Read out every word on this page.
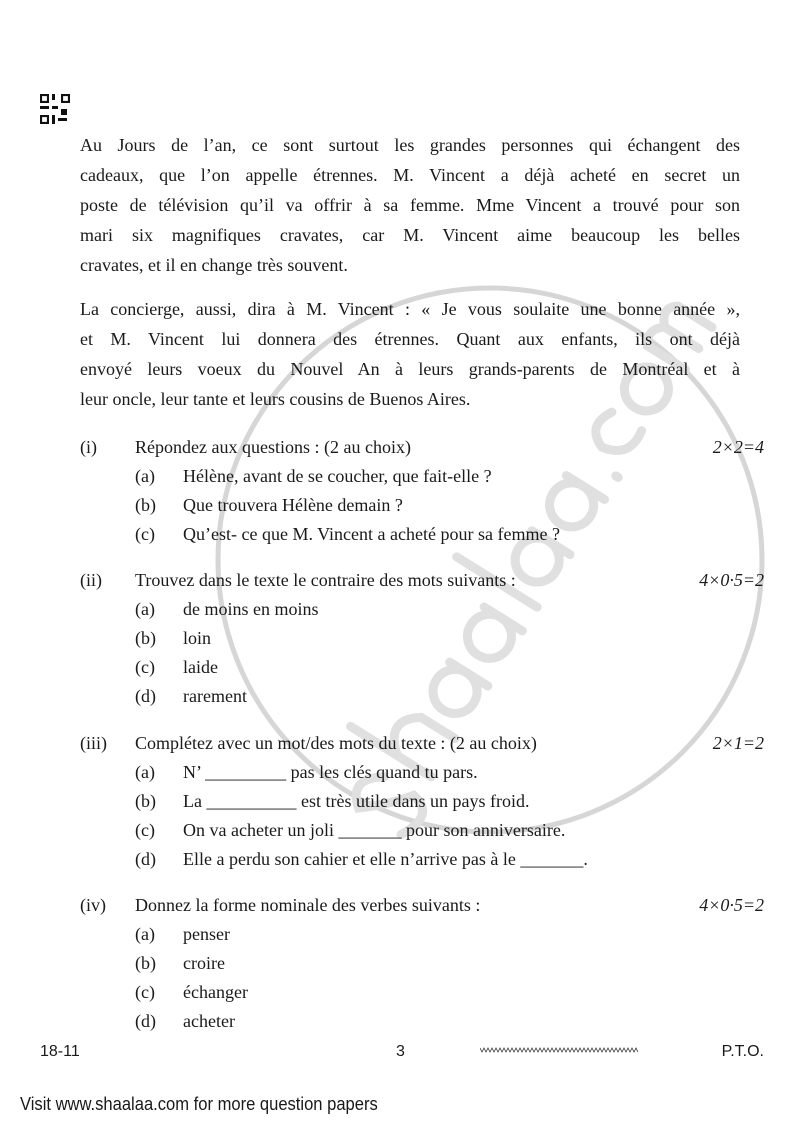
Au Jours de l’an, ce sont surtout les grandes personnes qui échangent des
cadeaux, que l’on appelle étrennes. M. Vincent a déjà acheté en secret un
poste de télévision qu’il va offrir à sa femme. Mme Vincent a trouvé pour son
mari six magnifiques cravates, car M. Vincent aime beaucoup les belles
cravates, et il en change très souvent.
La concierge, aussi, dira à M. Vincent : « Je vous soulaite une bonne année »,
et M. Vincent lui donnera des étrennes. Quant aux enfants, ils ont déjà
envoyé leurs voeux du Nouvel An à leurs grands-parents de Montréal et à
leur oncle, leur tante et leurs cousins de Buenos Aires.
(i) Répondez aux questions : (2 au choix)	2×2=4
(a) Hélène, avant de se coucher, que fait-elle ?
(b) Que trouvera Hélène demain ?
(c) Qu’est- ce que M. Vincent a acheté pour sa femme ?
(ii) Trouvez dans le texte le contraire des mots suivants :	4×0·5=2
(a) de moins en moins
(b) loin
(c) laide
(d) rarement
(iii) Complétez avec un mot/des mots du texte : (2 au choix)	2×1=2
(a) N’ _________ pas les clés quand tu pars.
(b) La __________ est très utile dans un pays froid.
(c) On va acheter un joli _______ pour son anniversaire.
(d) Elle a perdu son cahier et elle n’arrive pas à le _______.
(iv) Donnez la forme nominale des verbes suivants :	4×0·5=2
(a) penser
(b) croire
(c) échanger
(d) acheter
18-11	3	P.T.O.
Visit www.shaalaa.com for more question papers
